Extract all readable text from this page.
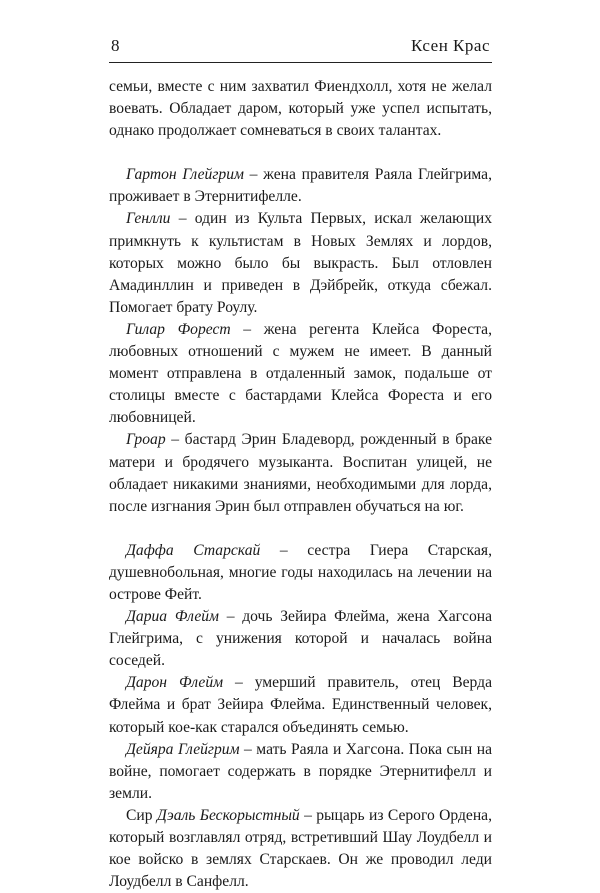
8	Ксен Крас

семьи, вместе с ним захватил Фиендхолл, хотя не желал воевать. Обладает даром, который уже успел испытать, однако продолжает сомневаться в своих талантах.

Гартон Глейгрим – жена правителя Раяла Глейгрима, проживает в Этернитифелле.

Генлли – один из Культа Первых, искал желающих примкнуть к культистам в Новых Землях и лордов, которых можно было бы выкрасть. Был отловлен Амадинллин и приведен в Дэйбрейк, откуда сбежал. Помогает брату Роулу.

Гилар Форест – жена регента Клейса Фореста, любовных отношений с мужем не имеет. В данный момент отправлена в отдаленный замок, подальше от столицы вместе с бастардами Клейса Фореста и его любовницей.

Гроар – бастард Эрин Бладеворд, рожденный в браке матери и бродячего музыканта. Воспитан улицей, не обладает никакими знаниями, необходимыми для лорда, после изгнания Эрин был отправлен обучаться на юг.

Даффа Старскай – сестра Гиера Старская, душевнобольная, многие годы находилась на лечении на острове Фейт.

Дариа Флейм – дочь Зейира Флейма, жена Хагсона Глейгрима, с унижения которой и началась война соседей.

Дарон Флейм – умерший правитель, отец Верда Флейма и брат Зейира Флейма. Единственный человек, который кое-как старался объединять семью.

Дейяра Глейгрим – мать Раяла и Хагсона. Пока сын на войне, помогает содержать в порядке Этернитифелл и земли.

Сир Дэаль Бескорыстный – рыцарь из Серого Ордена, который возглавлял отряд, встретивший Шау Лоудбелл и кое войско в землях Старскаев. Он же проводил леди Лоудбелл в Санфелл.
